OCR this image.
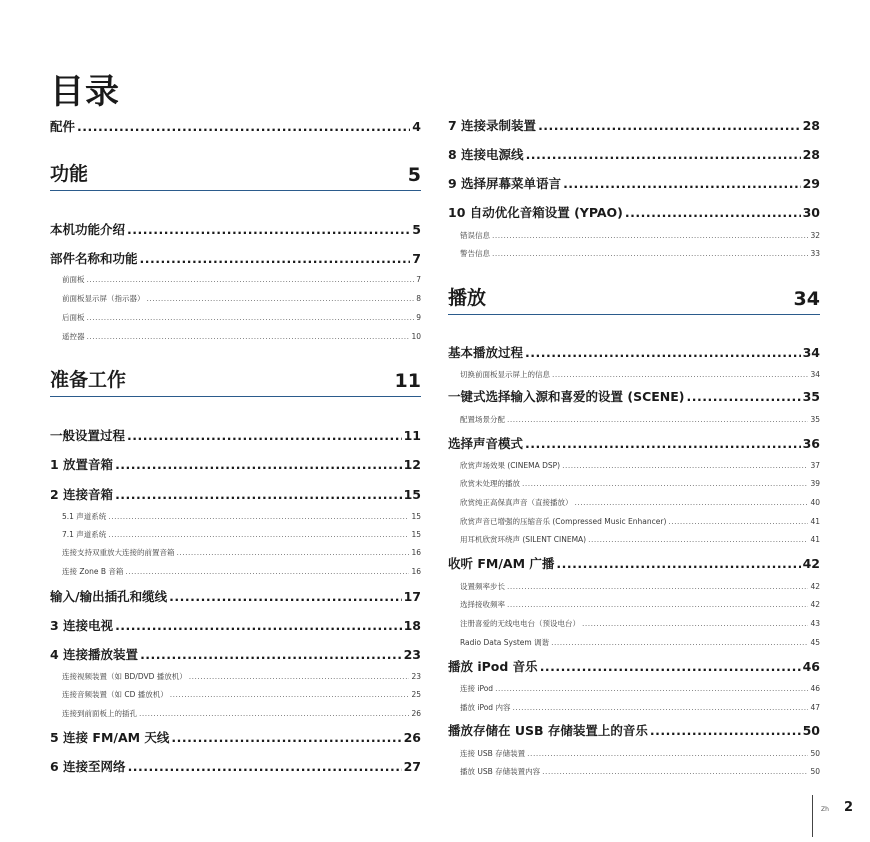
目录
配件 .....	4
功能	5
本机功能介绍 .....	5
部件名称和功能 .....	7
前面板 .....	7
前面板显示屏（指示器） .....	8
后面板 .....	9
遥控器 .....	10
准备工作	11
一般设置过程 .....	11
1 放置音箱 .....	12
2 连接音箱 .....	15
5.1 声道系统 .....	15
7.1 声道系统 .....	15
连接支持双重放大连接的前置音箱 .....	16
连接 Zone B 音箱 .....	16
输入/输出插孔和缆线 .....	17
3 连接电视 .....	18
4 连接播放装置 .....	23
连接视频装置（如 BD/DVD 播放机） .....	23
连接音频装置（如 CD 播放机） .....	25
连接到前面板上的插孔 .....	26
5 连接 FM/AM 天线 .....	26
6 连接至网络 .....	27
7 连接录制装置 .....	28
8 连接电源线 .....	28
9 选择屏幕菜单语言 .....	29
10 自动优化音箱设置 (YPAO) .....	30
错误信息 .....	32
警告信息 .....	33
播放	34
基本播放过程 .....	34
切换前面板显示屏上的信息 .....	34
一键式选择输入源和喜爱的设置 (SCENE) .....	35
配置场景分配 .....	35
选择声音模式 .....	36
欣赏声场效果 (CINEMA DSP) .....	37
欣赏未处理的播放 .....	39
欣赏纯正高保真声音（直接播放） .....	40
欣赏声音已增强的压缩音乐 (Compressed Music Enhancer) .....	41
用耳机欣赏环绕声 (SILENT CINEMA) .....	41
收听 FM/AM 广播 .....	42
设置频率步长 .....	42
选择接收频率 .....	42
注册喜爱的无线电电台（预设电台） .....	43
Radio Data System 调谐 .....	45
播放 iPod 音乐 .....	46
连接 iPod .....	46
播放 iPod 内容 .....	47
播放存储在 USB 存储装置上的音乐 .....	50
连接 USB 存储装置 .....	50
播放 USB 存储装置内容 .....	50
Zh 2
